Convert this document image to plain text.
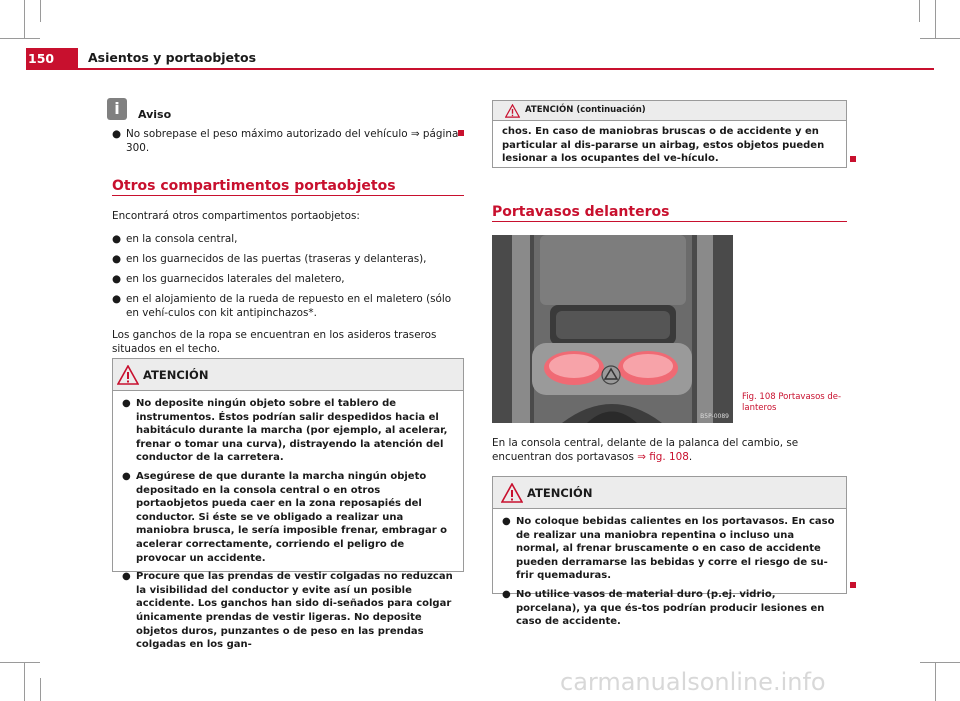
150	Asientos y portaobjetos
i	Aviso
● No sobrepase el peso máximo autorizado del vehículo ⇒ página 300.
Otros compartimentos portaobjetos

Encontrará otros compartimentos portaobjetos:

● en la consola central,
● en los guarnecidos de las puertas (traseras y delanteras),
● en los guarnecidos laterales del maletero,
● en el alojamiento de la rueda de repuesto en el maletero (sólo en vehí-culos con kit antipinchazos*.

Los ganchos de la ropa se encuentran en los asideros traseros situados en el techo.

ATENCIÓN
● No deposite ningún objeto sobre el tablero de instrumentos. Éstos podrían salir despedidos hacia el habitáculo durante la marcha (por ejemplo, al acelerar, frenar o tomar una curva), distrayendo la atención del conductor de la carretera.
● Asegúrese de que durante la marcha ningún objeto depositado en la consola central o en otros portaobjetos pueda caer en la zona reposapiés del conductor. Si éste se ve obligado a realizar una maniobra brusca, le sería imposible frenar, embragar o acelerar correctamente, corriendo el peligro de provocar un accidente.
● Procure que las prendas de vestir colgadas no reduzcan la visibilidad del conductor y evite así un posible accidente. Los ganchos han sido di-señados para colgar únicamente prendas de vestir ligeras. No deposite objetos duros, punzantes o de peso en las prendas colgadas en los gan-
ATENCIÓN (continuación)
chos. En caso de maniobras bruscas o de accidente y en particular al dis-pararse un airbag, estos objetos pueden lesionar a los ocupantes del ve-hículo.
Portavasos delanteros
B5P-0089
Fig. 108 Portavasos de-
lanteros

En la consola central, delante de la palanca del cambio, se encuentran dos portavasos ⇒ fig. 108.

ATENCIÓN
● No coloque bebidas calientes en los portavasos. En caso de realizar una maniobra repentina o incluso una normal, al frenar bruscamente o en caso de accidente pueden derramarse las bebidas y corre el riesgo de su-frir quemaduras.
● No utilice vasos de material duro (p.ej. vidrio, porcelana), ya que és-tos podrían producir lesiones en caso de accidente.
carmanualsonline.info
